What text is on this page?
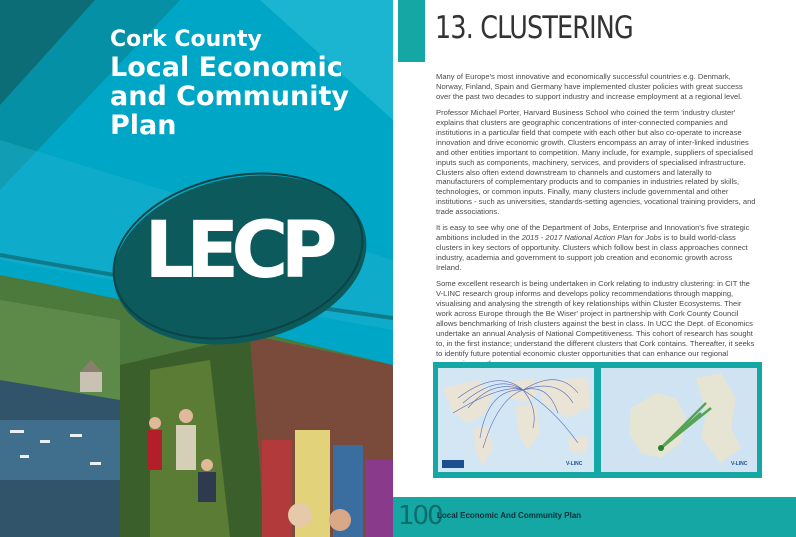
Cork County
Local Economic
and Community
Plan
LECP
13. CLUSTERING

Many of Europe's most innovative and economically successful countries e.g. Denmark, Norway, Finland, Spain and Germany have implemented cluster policies with great success over the past two decades to support industry and increase employment at a regional level.

Professor Michael Porter, Harvard Business School who coined the term 'industry cluster' explains that clusters are geographic concentrations of inter-connected companies and institutions in a particular field that compete with each other but also co-operate to increase innovation and drive economic growth. Clusters encompass an array of inter-linked industries and other entities important to competition. Many include, for example, suppliers of specialised inputs such as components, machinery, services, and providers of specialised infrastructure. Clusters also often extend downstream to channels and customers and laterally to manufacturers of complementary products and to companies in industries related by skills, technologies, or common inputs. Finally, many clusters include governmental and other institutions - such as universities, standards-setting agencies, vocational training providers, and trade associations.

It is easy to see why one of the Department of Jobs, Enterprise and Innovation's five strategic ambitions included in the 2015 - 2017 National Action Plan for Jobs is to build world-class clusters in key sectors of opportunity. Clusters which follow best in class approaches connect industry, academia and government to support job creation and economic growth across Ireland.

Some excellent research is being undertaken in Cork relating to industry clustering: in CIT the V-LINC research group informs and develops policy recommendations through mapping, visualising and analysing the strength of key relationships within Cluster Ecosystems. Their work across Europe through the Be Wiser' project in partnership with Cork County Council allows benchmarking of Irish clusters against the best in class. In UCC the Dept. of Economics undertake an annual Analysis of National Competitiveness. This cohort of research has sought to, in the first instance; understand the different clusters that Cork contains. Thereafter, it seeks to identify future potential economic cluster opportunities that can enhance our regional

V-LINC	V-LINC
100
Local Economic And Community Plan
